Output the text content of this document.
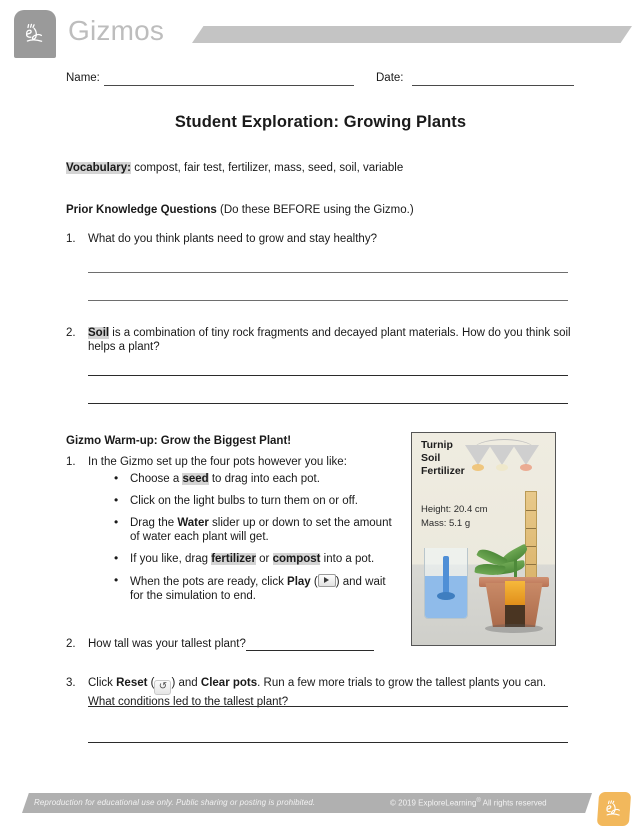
Gizmos
Name:	Date:
Student Exploration: Growing Plants
Vocabulary: compost, fair test, fertilizer, mass, seed, soil, variable
Prior Knowledge Questions (Do these BEFORE using the Gizmo.)
1.	What do you think plants need to grow and stay healthy?
2.	Soil is a combination of tiny rock fragments and decayed plant materials. How do you think soil helps a plant?
Gizmo Warm-up: Grow the Biggest Plant!
1.	In the Gizmo set up the four pots however you like:
• Choose a seed to drag into each pot.
• Click on the light bulbs to turn them on or off.
• Drag the Water slider up or down to set the amount of water each plant will get.
• If you like, drag fertilizer or compost into a pot.
• When the pots are ready, click Play ( ) and wait for the simulation to end.
Turnip
Soil
Fertilizer
Height: 20.4 cm
Mass: 5.1 g
2.	How tall was your tallest plant?
3.	Click Reset ( ↺ ) and Clear pots. Run a few more trials to grow the tallest plants you can. What conditions led to the tallest plant?
Reproduction for educational use only. Public sharing or posting is prohibited.	© 2019 ExploreLearning® All rights reserved
